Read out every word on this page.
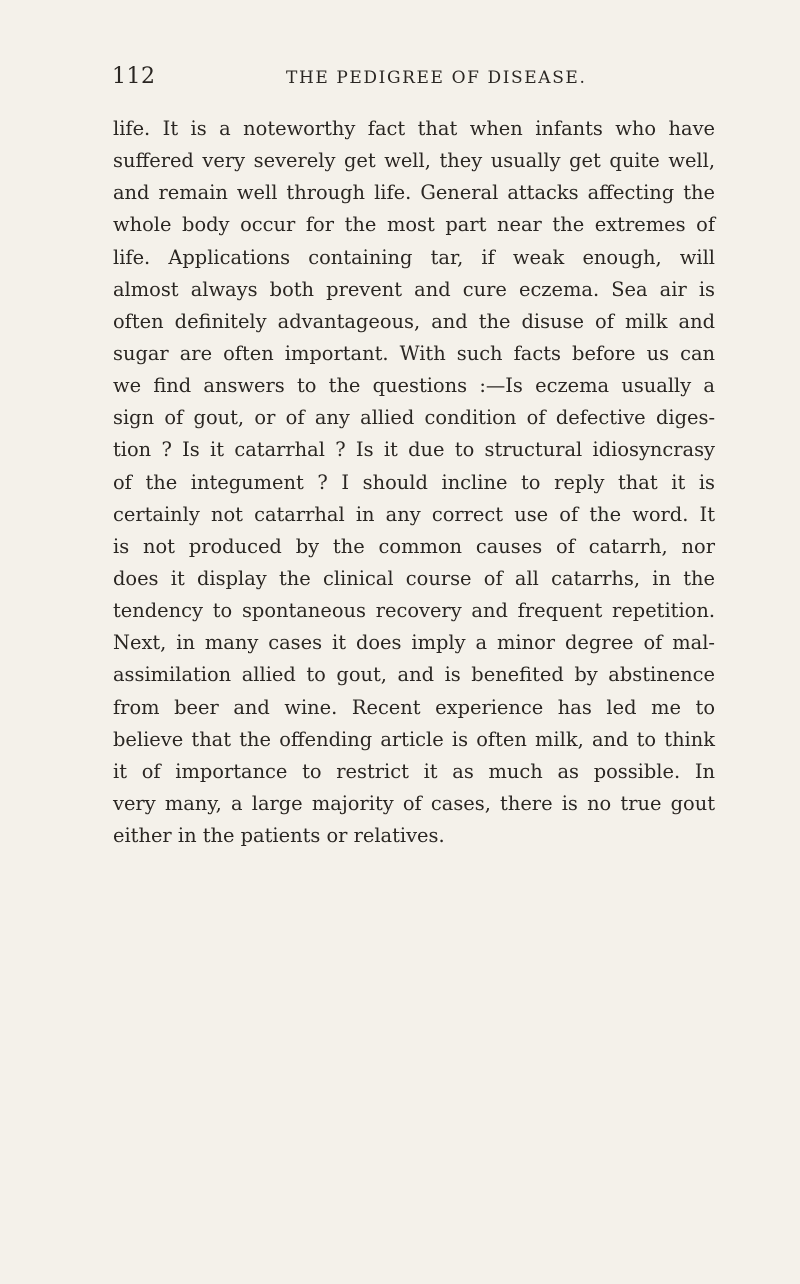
112	THE PEDIGREE OF DISEASE.
life. It is a noteworthy fact that when infants who have
suffered very severely get well, they usually get quite well,
and remain well through life. General attacks affecting the
whole body occur for the most part near the extremes of
life. Applications containing tar, if weak enough, will
almost always both prevent and cure eczema. Sea air is
often definitely advantageous, and the disuse of milk and
sugar are often important. With such facts before us can
we find answers to the questions :—Is eczema usually a
sign of gout, or of any allied condition of defective diges-
tion ? Is it catarrhal ? Is it due to structural idiosyncrasy
of the integument ? I should incline to reply that it is
certainly not catarrhal in any correct use of the word. It
is not produced by the common causes of catarrh, nor
does it display the clinical course of all catarrhs, in the
tendency to spontaneous recovery and frequent repetition.
Next, in many cases it does imply a minor degree of mal-
assimilation allied to gout, and is benefited by abstinence
from beer and wine. Recent experience has led me to
believe that the offending article is often milk, and to think
it of importance to restrict it as much as possible. In
very many, a large majority of cases, there is no true gout
either in the patients or relatives.
